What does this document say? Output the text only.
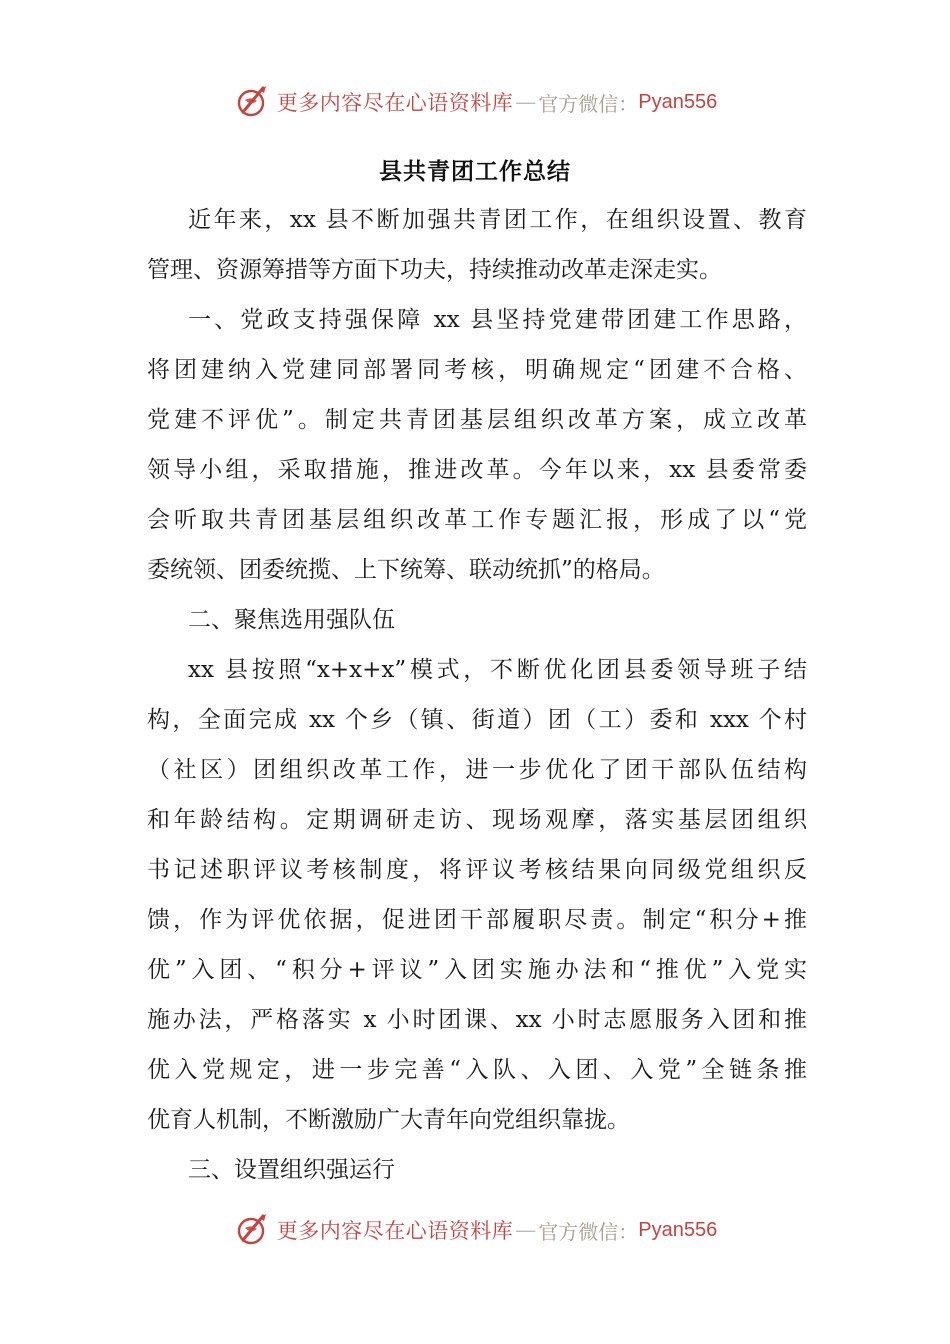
更多内容尽在心语资料库 — 官方微信： Pyan556
县共青团工作总结
近年来，xx 县不断加强共青团工作，在组织设置、教育
管理、资源筹措等方面下功夫，持续推动改革走深走实。
一、党政支持强保障 xx 县坚持党建带团建工作思路，
将团建纳入党建同部署同考核，明确规定“团建不合格、
党建不评优”。制定共青团基层组织改革方案，成立改革
领导小组，采取措施，推进改革。今年以来，xx 县委常委
会听取共青团基层组织改革工作专题汇报，形成了以“党
委统领、团委统揽、上下统筹、联动统抓”的格局。
二、聚焦选用强队伍
xx 县按照“x+x+x”模式，不断优化团县委领导班子结
构，全面完成 xx 个乡（镇、街道）团（工）委和 xxx 个村
（社区）团组织改革工作，进一步优化了团干部队伍结构
和年龄结构。定期调研走访、现场观摩，落实基层团组织
书记述职评议考核制度，将评议考核结果向同级党组织反
馈，作为评优依据，促进团干部履职尽责。制定“积分+推
优”入团、“积分+评议”入团实施办法和“推优”入党实
施办法，严格落实 x 小时团课、xx 小时志愿服务入团和推
优入党规定，进一步完善“入队、入团、入党”全链条推
优育人机制，不断激励广大青年向党组织靠拢。
三、设置组织强运行
更多内容尽在心语资料库 — 官方微信： Pyan556
